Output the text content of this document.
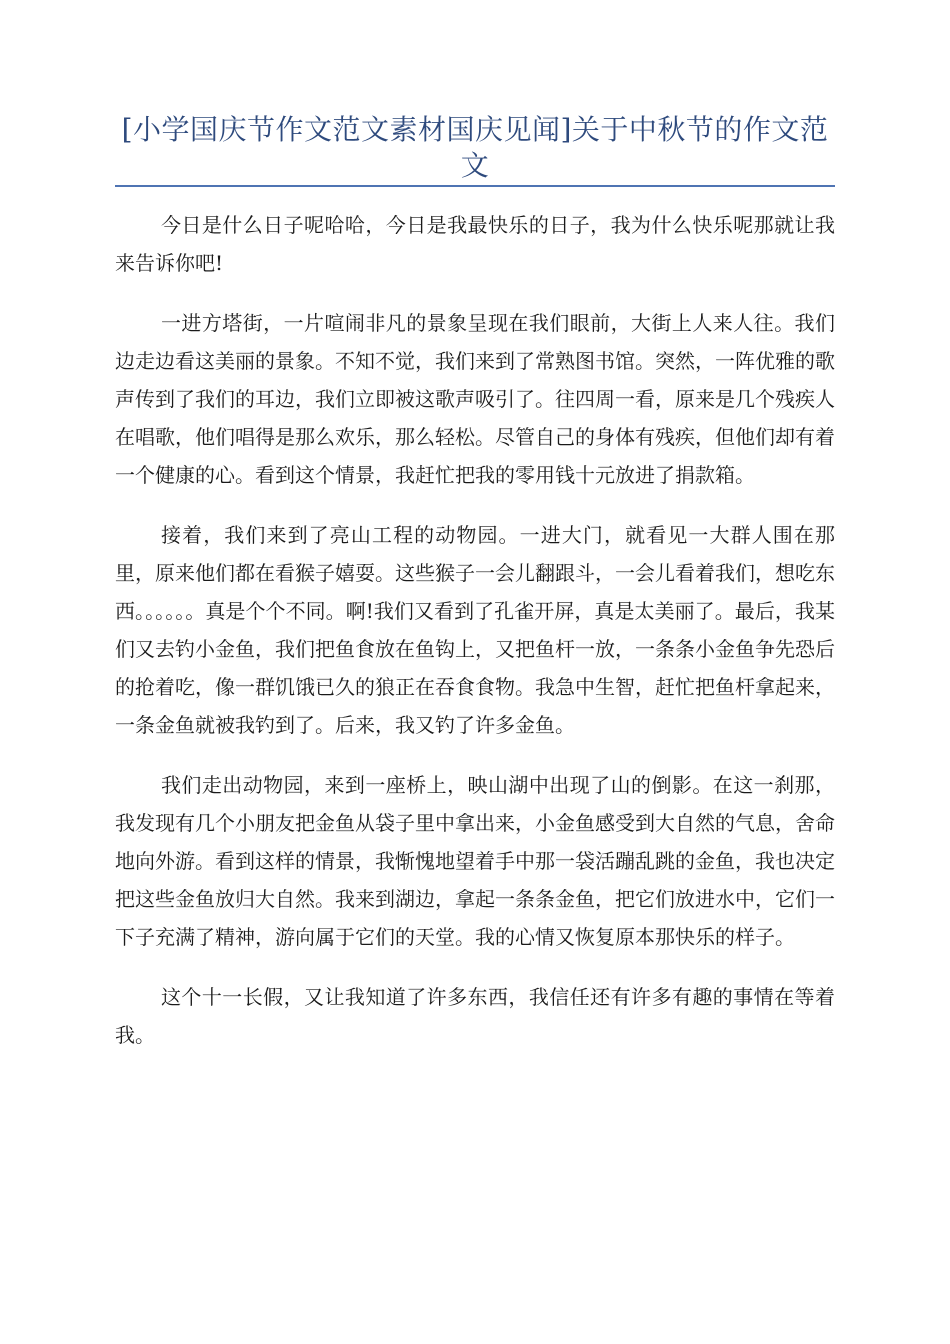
[小学国庆节作文范文素材国庆见闻]关于中秋节的作文范文

今日是什么日子呢哈哈，今日是我最快乐的日子，我为什么快乐呢那就让我来告诉你吧!

一进方塔街，一片喧闹非凡的景象呈现在我们眼前，大街上人来人往。我们边走边看这美丽的景象。不知不觉，我们来到了常熟图书馆。突然，一阵优雅的歌声传到了我们的耳边，我们立即被这歌声吸引了。往四周一看，原来是几个残疾人在唱歌，他们唱得是那么欢乐，那么轻松。尽管自己的身体有残疾，但他们却有着一个健康的心。看到这个情景，我赶忙把我的零用钱十元放进了捐款箱。

接着，我们来到了亮山工程的动物园。一进大门，就看见一大群人围在那里，原来他们都在看猴子嬉耍。这些猴子一会儿翻跟斗，一会儿看着我们，想吃东西。。。。。。真是个个不同。啊!我们又看到了孔雀开屏，真是太美丽了。最后，我某们又去钓小金鱼，我们把鱼食放在鱼钩上，又把鱼杆一放，一条条小金鱼争先恐后的抢着吃，像一群饥饿已久的狼正在吞食食物。我急中生智，赶忙把鱼杆拿起来，一条金鱼就被我钓到了。后来，我又钓了许多金鱼。

我们走出动物园，来到一座桥上，映山湖中出现了山的倒影。在这一刹那，我发现有几个小朋友把金鱼从袋子里中拿出来，小金鱼感受到大自然的气息，舍命地向外游。看到这样的情景，我惭愧地望着手中那一袋活蹦乱跳的金鱼，我也决定把这些金鱼放归大自然。我来到湖边，拿起一条条金鱼，把它们放进水中，它们一下子充满了精神，游向属于它们的天堂。我的心情又恢复原本那快乐的样子。

这个十一长假，又让我知道了许多东西，我信任还有许多有趣的事情在等着我。
